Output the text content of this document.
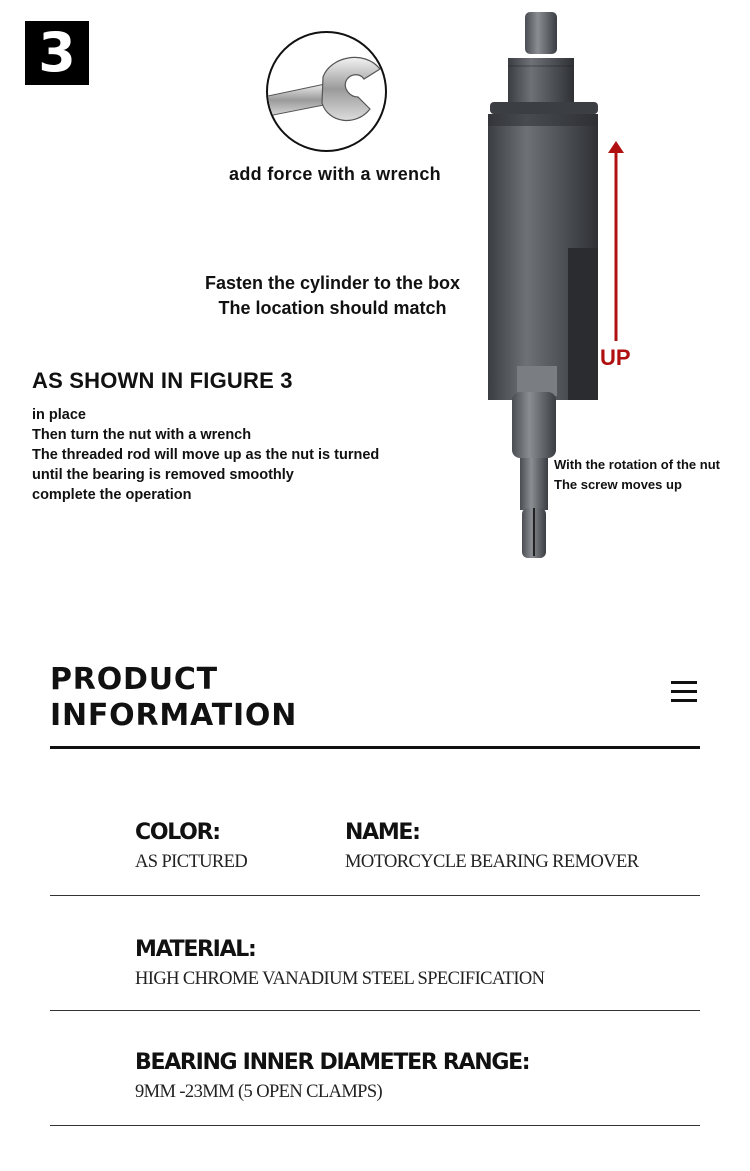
3
add force with a wrench
Fasten the cylinder to the box
The location should match
UP
AS SHOWN IN FIGURE 3
in place
Then turn the nut with a wrench
The threaded rod will move up as the nut is turned
until the bearing is removed smoothly
complete the operation
With the rotation of the nut
The screw moves up
PRODUCT
INFORMATION
COLOR:
AS PICTURED
NAME:
MOTORCYCLE BEARING REMOVER
MATERIAL:
HIGH CHROME VANADIUM STEEL SPECIFICATION
BEARING INNER DIAMETER RANGE:
9MM -23MM (5 OPEN CLAMPS)
